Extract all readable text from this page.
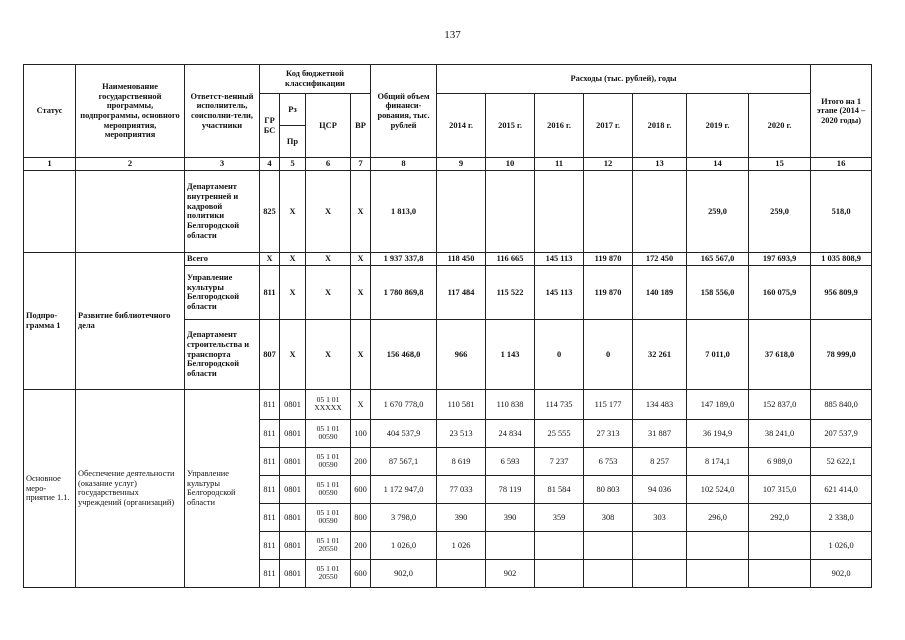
137
Статус	Наименование государственной программы, подпрограммы, основного мероприятия, мероприятия	Ответст-венный исполнитель, соисполни-тели, участники	Код бюджетной классификации				Общий объем финанси-рования, тыс. рублей	Расходы (тыс. рублей), годы							Итого на 1 этапе (2014 – 2020 годы)
			ГР БС	Рз	ЦСР	ВР		2014 г.	2015 г.	2016 г.	2017 г.	2018 г.	2019 г.	2020 г.	
				Пр											
1	2	3	4	5	6	7	8	9	10	11	12	13	14	15	16
		Департамент внутренней и кадровой политики Белгородской области	825	Х	Х	Х	1 813,0						259,0	259,0	518,0
Подпро-грамма 1	Развитие библиотечного дела	Всего	Х	Х	Х	Х	1 937 337,8	118 450	116 665	145 113	119 870	172 450	165 567,0	197 693,9	1 035 808,9
		Управление культуры Белгородской области	811	Х	Х	Х	1 780 869,8	117 484	115 522	145 113	119 870	140 189	158 556,0	160 075,9	956 809,9
		Департамент строительства и транспорта Белгородской области	807	Х	Х	Х	156 468,0	966	1 143	0	0	32 261	7 011,0	37 618,0	78 999,0
Основное меро-приятие 1.1.	Обеспечение деятельности (оказание услуг) государственных учреждений (организаций)	Управление культуры Белгородской области	811	0801	05 1 01 ХХХХХ	Х	1 670 778,0	110 581	110 838	114 735	115 177	134 483	147 189,0	152 837,0	885 840,0
			811	0801	05 1 01 00590	100	404 537,9	23 513	24 834	25 555	27 313	31 887	36 194,9	38 241,0	207 537,9
			811	0801	05 1 01 00590	200	87 567,1	8 619	6 593	7 237	6 753	8 257	8 174,1	6 989,0	52 622,1
			811	0801	05 1 01 00590	600	1 172 947,0	77 033	78 119	81 584	80 803	94 036	102 524,0	107 315,0	621 414,0
			811	0801	05 1 01 00590	800	3 798,0	390	390	359	308	303	296,0	292,0	2 338,0
			811	0801	05 1 01 20550	200	1 026,0	1 026							1 026,0
			811	0801	05 1 01 20550	600	902,0		902						902,0
